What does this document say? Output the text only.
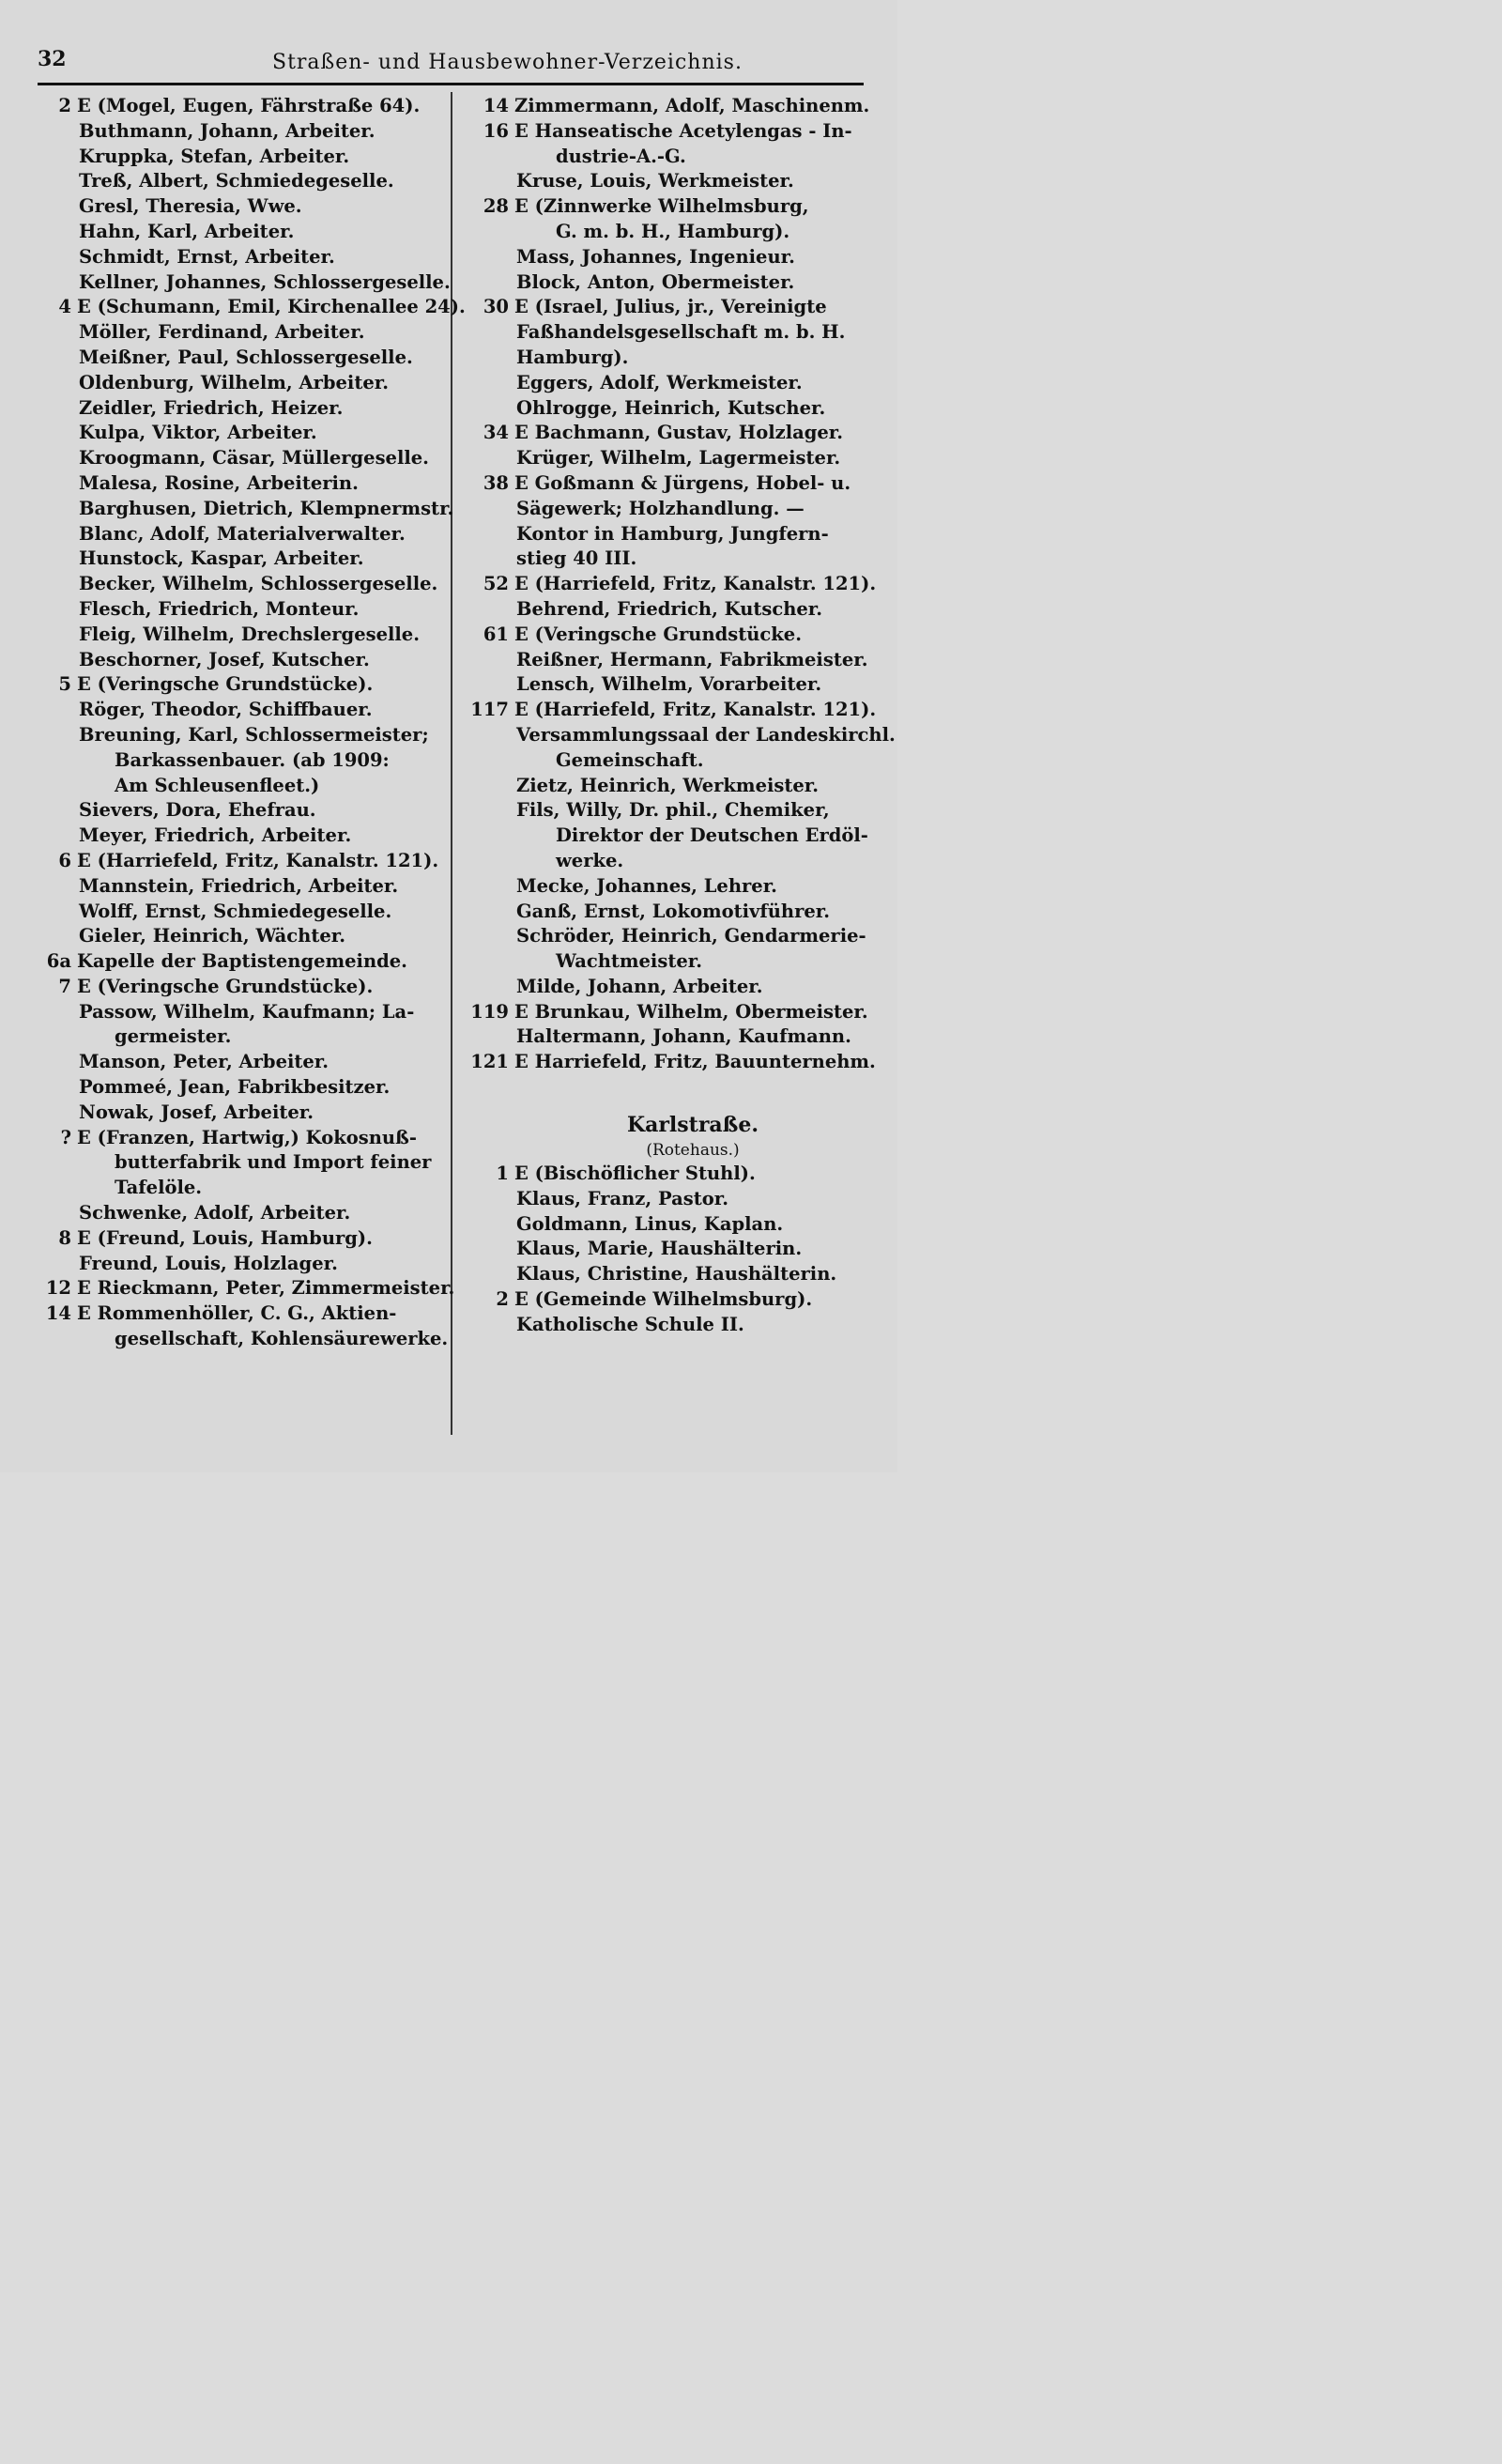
32	Straßen- und Hausbewohner-Verzeichnis.
2 E (Mogel, Eugen, Fährstraße 64).
Buthmann, Johann, Arbeiter.
Kruppka, Stefan, Arbeiter.
Treß, Albert, Schmiedegeselle.
Gresl, Theresia, Wwe.
Hahn, Karl, Arbeiter.
Schmidt, Ernst, Arbeiter.
Kellner, Johannes, Schlossergeselle.
4 E (Schumann, Emil, Kirchenallee 24).
Möller, Ferdinand, Arbeiter.
Meißner, Paul, Schlossergeselle.
Oldenburg, Wilhelm, Arbeiter.
Zeidler, Friedrich, Heizer.
Kulpa, Viktor, Arbeiter.
Kroogmann, Cäsar, Müllergeselle.
Malesa, Rosine, Arbeiterin.
Barghusen, Dietrich, Klempnermstr.
Blanc, Adolf, Materialverwalter.
Hunstock, Kaspar, Arbeiter.
Becker, Wilhelm, Schlossergeselle.
Flesch, Friedrich, Monteur.
Fleig, Wilhelm, Drechslergeselle.
Beschorner, Josef, Kutscher.
5 E (Veringsche Grundstücke).
Röger, Theodor, Schiffbauer.
Breuning, Karl, Schlossermeister;
Barkassenbauer. (ab 1909:
Am Schleusenfleet.)
Sievers, Dora, Ehefrau.
Meyer, Friedrich, Arbeiter.
6 E (Harriefeld, Fritz, Kanalstr. 121).
Mannstein, Friedrich, Arbeiter.
Wolff, Ernst, Schmiedegeselle.
Gieler, Heinrich, Wächter.
6a Kapelle der Baptistengemeinde.
7 E (Veringsche Grundstücke).
Passow, Wilhelm, Kaufmann; La-
germeister.
Manson, Peter, Arbeiter.
Pommeé, Jean, Fabrikbesitzer.
Nowak, Josef, Arbeiter.
? E (Franzen, Hartwig,) Kokosnuß-
butterfabrik und Import feiner
Tafelöle.
Schwenke, Adolf, Arbeiter.
8 E (Freund, Louis, Hamburg).
Freund, Louis, Holzlager.
12 E Rieckmann, Peter, Zimmermeister.
14 E Rommenhöller, C. G., Aktien-
gesellschaft, Kohlensäurewerke.
14 Zimmermann, Adolf, Maschinenm.
16 E Hanseatische Acetylengas - In-
dustrie-A.-G.
Kruse, Louis, Werkmeister.
28 E (Zinnwerke Wilhelmsburg,
G. m. b. H., Hamburg).
Mass, Johannes, Ingenieur.
Block, Anton, Obermeister.
30 E (Israel, Julius, jr., Vereinigte
Faßhandelsgesellschaft m. b. H.
Hamburg).
Eggers, Adolf, Werkmeister.
Ohlrogge, Heinrich, Kutscher.
34 E Bachmann, Gustav, Holzlager.
Krüger, Wilhelm, Lagermeister.
38 E Goßmann & Jürgens, Hobel- u.
Sägewerk; Holzhandlung. —
Kontor in Hamburg, Jungfern-
stieg 40 III.
52 E (Harriefeld, Fritz, Kanalstr. 121).
Behrend, Friedrich, Kutscher.
61 E (Veringsche Grundstücke.
Reißner, Hermann, Fabrikmeister.
Lensch, Wilhelm, Vorarbeiter.
117 E (Harriefeld, Fritz, Kanalstr. 121).
Versammlungssaal der Landeskirchl.
Gemeinschaft.
Zietz, Heinrich, Werkmeister.
Fils, Willy, Dr. phil., Chemiker,
Direktor der Deutschen Erdöl-
werke.
Mecke, Johannes, Lehrer.
Ganß, Ernst, Lokomotivführer.
Schröder, Heinrich, Gendarmerie-
Wachtmeister.
Milde, Johann, Arbeiter.
119 E Brunkau, Wilhelm, Obermeister.
Haltermann, Johann, Kaufmann.
121 E Harriefeld, Fritz, Bauunternehm.
Karlstraße.
(Rotehaus.)
1 E (Bischöflicher Stuhl).
Klaus, Franz, Pastor.
Goldmann, Linus, Kaplan.
Klaus, Marie, Haushälterin.
Klaus, Christine, Haushälterin.
2 E (Gemeinde Wilhelmsburg).
Katholische Schule II.
